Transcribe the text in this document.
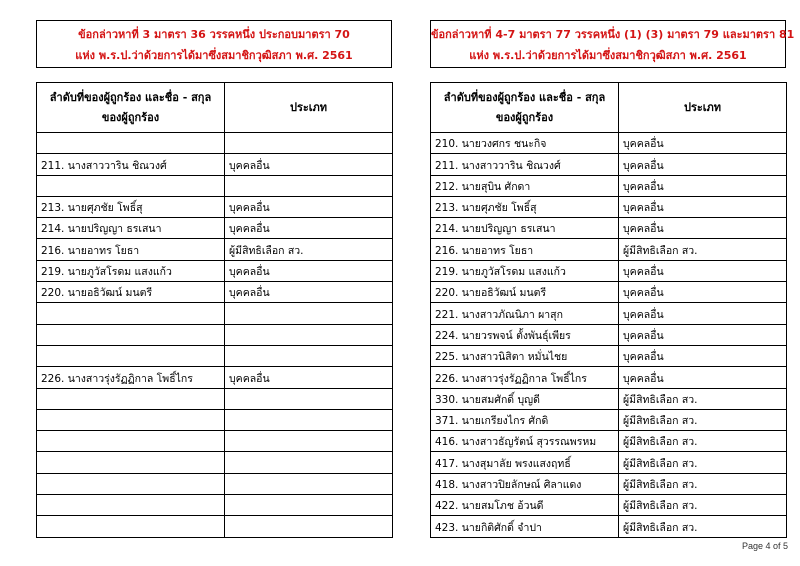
ข้อกล่าวหาที่ 3 มาตรา 36 วรรคหนึ่ง ประกอบมาตรา 70
แห่ง พ.ร.ป.ว่าด้วยการได้มาซึ่งสมาชิกวุฒิสภา พ.ศ. 2561
ข้อกล่าวหาที่ 4-7 มาตรา 77 วรรคหนึ่ง (1) (3) มาตรา 79 และมาตรา 81
แห่ง พ.ร.ป.ว่าด้วยการได้มาซึ่งสมาชิกวุฒิสภา พ.ศ. 2561
ลำดับที่ของผู้ถูกร้อง และชื่อ - สกุล
ของผู้ถูกร้อง	ประเภท

211. นางสาววาริน ชิณวงศ์	บุคคลอื่น

213. นายศุภชัย โพธิ์สุ	บุคคลอื่น
214. นายปริญญา ธรเสนา	บุคคลอื่น
216. นายอาทร โยธา	ผู้มีสิทธิเลือก สว.
219. นายภูวัสโรดม แสงแก้ว	บุคคลอื่น
220. นายอธิวัฒน์ มนตรี	บุคคลอื่น

226. นางสาวรุ่งรัฏฏิกาล โพธิ์ไกร	บุคคลอื่น

ลำดับที่ของผู้ถูกร้อง และชื่อ - สกุล
ของผู้ถูกร้อง	ประเภท
210. นายวงศกร ชนะกิจ	บุคคลอื่น
211. นางสาววาริน ชิณวงศ์	บุคคลอื่น
212. นายสุบิน ศักดา	บุคคลอื่น
213. นายศุภชัย โพธิ์สุ	บุคคลอื่น
214. นายปริญญา ธรเสนา	บุคคลอื่น
216. นายอาทร โยธา	ผู้มีสิทธิเลือก สว.
219. นายภูวัสโรดม แสงแก้ว	บุคคลอื่น
220. นายอธิวัฒน์ มนตรี	บุคคลอื่น
221. นางสาวภัณนิภา ผาสุก	บุคคลอื่น
224. นายวรพจน์ ตั้งพันธุ์เพียร	บุคคลอื่น
225. นางสาวนิสิตา หมั่นไชย	บุคคลอื่น
226. นางสาวรุ่งรัฏฏิกาล โพธิ์ไกร	บุคคลอื่น
330. นายสมศักดิ์ บุญดี	ผู้มีสิทธิเลือก สว.
371. นายเกรียงไกร ศักดิ	ผู้มีสิทธิเลือก สว.
416. นางสาวธัญรัตน์ สุวรรณพรหม	ผู้มีสิทธิเลือก สว.
417. นางสุมาลัย พรงแสงฤทธิ์	ผู้มีสิทธิเลือก สว.
418. นางสาวปิยลักษณ์ ศิลาแดง	ผู้มีสิทธิเลือก สว.
422. นายสมโภช อ้วนดี	ผู้มีสิทธิเลือก สว.
423. นายกิติศักดิ์ จำปา	ผู้มีสิทธิเลือก สว.
Page 4 of 5
